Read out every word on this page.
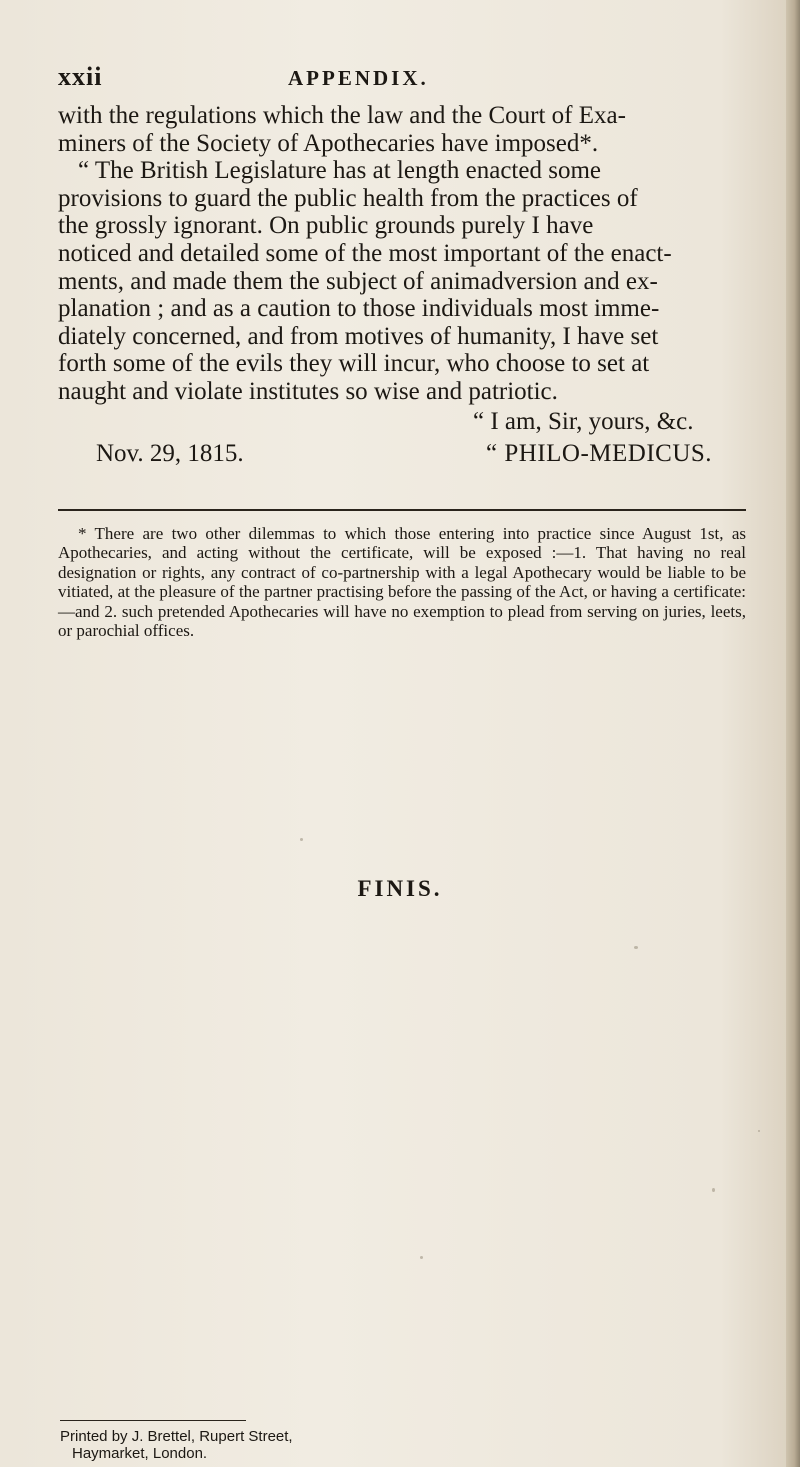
xxii	APPENDIX.

with the regulations which the law and the Court of Exa-

miners of the Society of Apothecaries have imposed*.

“ The British Legislature has at length enacted some

provisions to guard the public health from the practices of

the grossly ignorant. On public grounds purely I have

noticed and detailed some of the most important of the enact-

ments, and made them the subject of animadversion and ex-

planation ; and as a caution to those individuals most imme-

diately concerned, and from motives of humanity, I have set

forth some of the evils they will incur, who choose to set at

naught and violate institutes so wise and patriotic.

“ I am, Sir, yours, &c.
Nov. 29, 1815.	“ PHILO-MEDICUS.

* There are two other dilemmas to which those entering into practice since August 1st, as Apothecaries, and acting without the certificate, will be exposed :—1. That having no real designation or rights, any contract of co-partnership with a legal Apothecary would be liable to be vitiated, at the pleasure of the partner practising before the passing of the Act, or having a certificate:—and 2. such pretended Apothecaries will have no exemption to plead from serving on juries, leets, or parochial offices.

FINIS.
Printed by J. Brettel, Rupert Street,
Haymarket, London.
